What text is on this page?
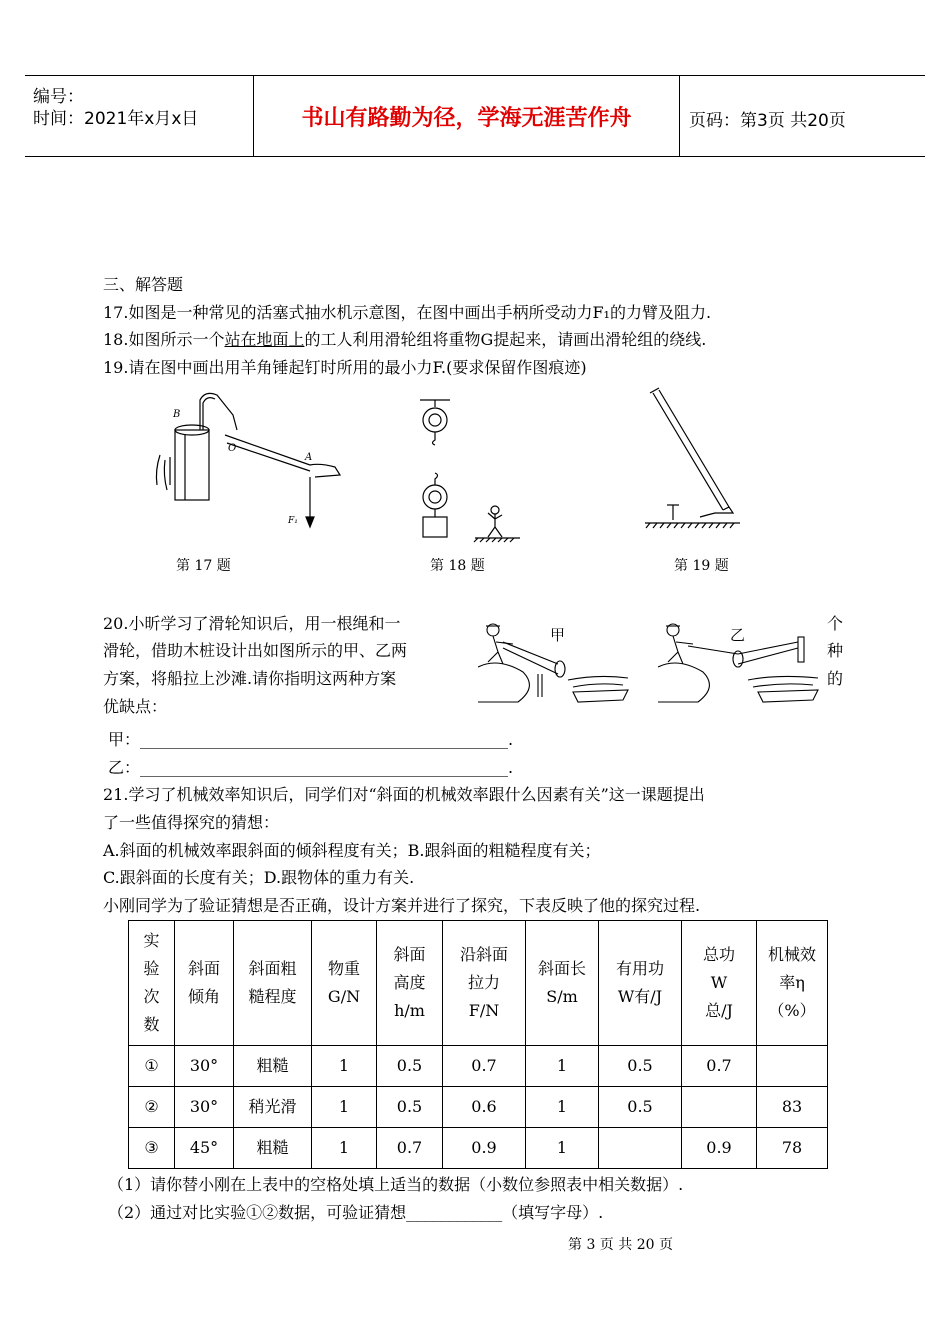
编号：
时间：2021年x月x日	书山有路勤为径，学海无涯苦作舟	页码：第3页 共20页
三、解答题
17.如图是一种常见的活塞式抽水机示意图，在图中画出手柄所受动力F₁的力臂及阻力.
18.如图所示一个站在地面上的工人利用滑轮组将重物G提起来，请画出滑轮组的绕线.
19.请在图中画出用羊角锤起钉时所用的最小力F.(要求保留作图痕迹)
B
O
A
F₁
第 17 题	第 18 题	第 19 题
20.小昕学习了滑轮知识后，用一根绳和一
滑轮，借助木桩设计出如图所示的甲、乙两
方案，将船拉上沙滩.请你指明这两种方案
优缺点：
个
种
的
甲	乙
甲：______________________________________________.
乙：______________________________________________.
21.学习了机械效率知识后，同学们对“斜面的机械效率跟什么因素有关”这一课题提出
了一些值得探究的猜想：
A.斜面的机械效率跟斜面的倾斜程度有关；B.跟斜面的粗糙程度有关；
C.跟斜面的长度有关；D.跟物体的重力有关.
小刚同学为了验证猜想是否正确，设计方案并进行了探究，下表反映了他的探究过程.
实验次数	斜面倾角	斜面粗糙程度	物重G/N	斜面高度h/m	沿斜面拉力F/N	斜面长S/m	有用功W有/J	总功W总/J	机械效率η（%）

①	30°	粗糙	1	0.5	0.7	1	0.5	0.7	
②	30°	稍光滑	1	0.5	0.6	1	0.5		83
③	45°	粗糙	1	0.7	0.9	1		0.9	78
（1）请你替小刚在上表中的空格处填上适当的数据（小数位参照表中相关数据）.
（2）通过对比实验①②数据，可验证猜想____________（填写字母）.
第 3 页 共 20 页
